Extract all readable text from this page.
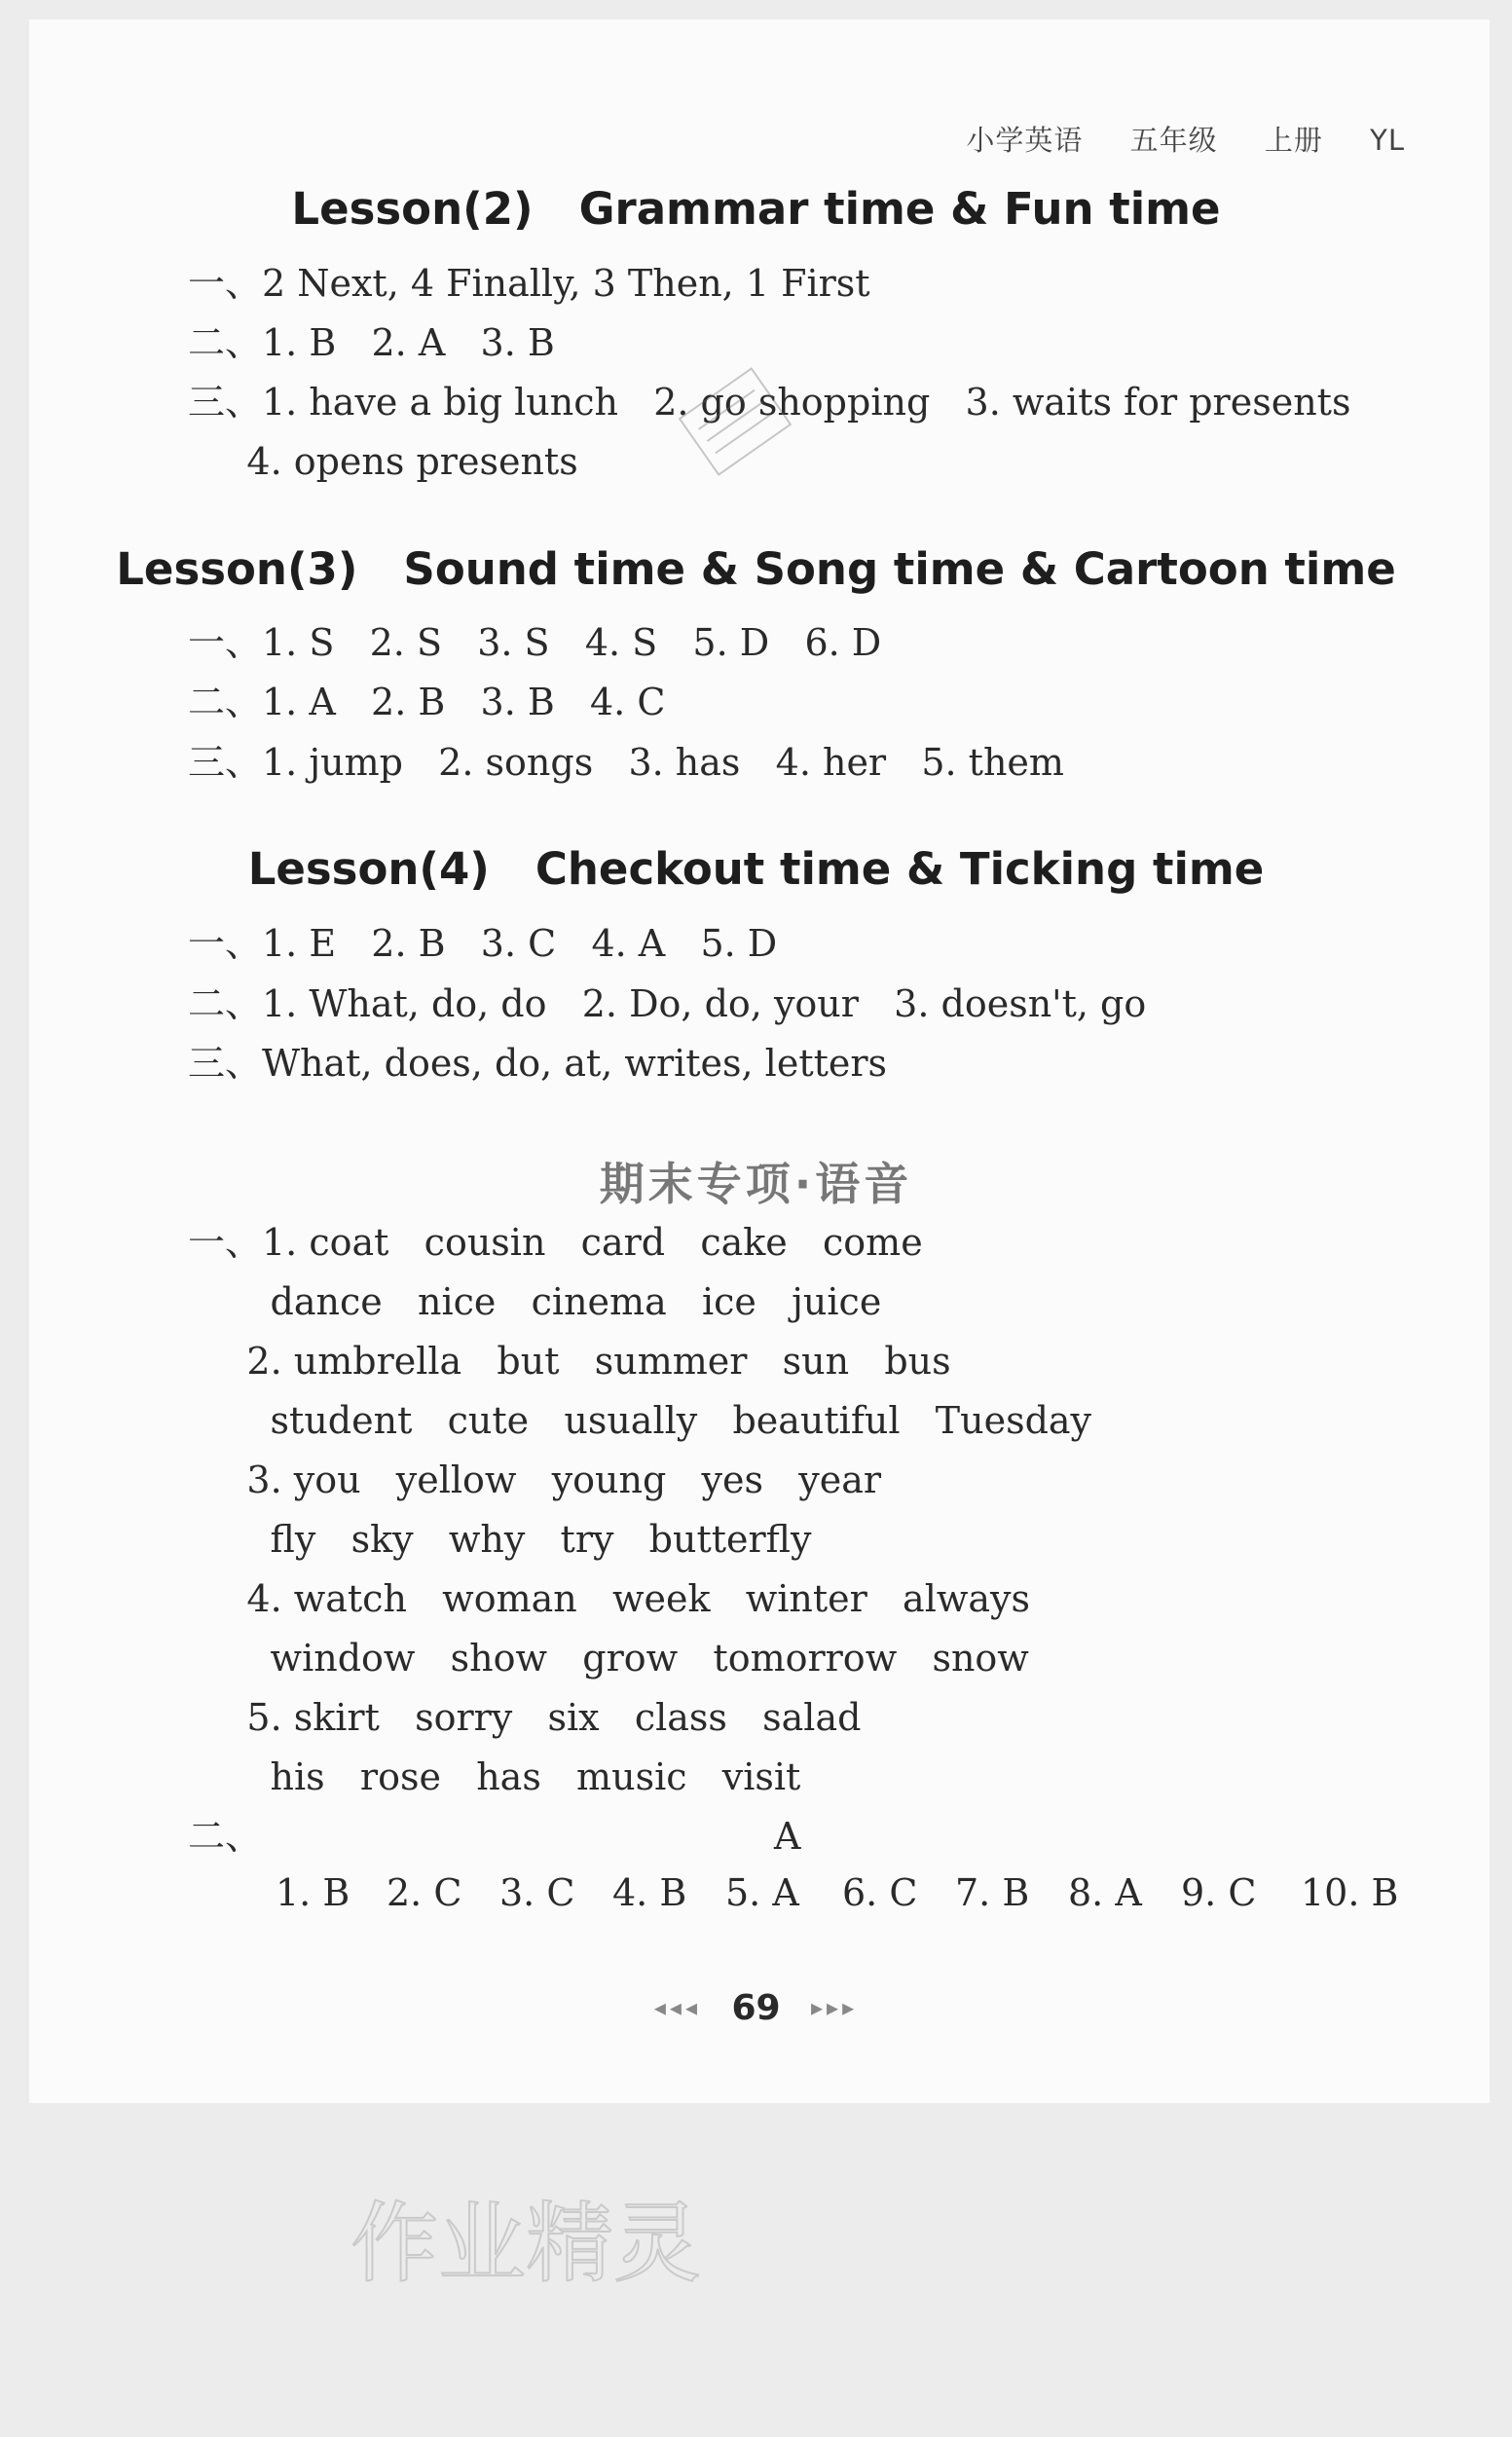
小学英语 五年级 上册 YL
Lesson(2)   Grammar time & Fun time
一、2 Next, 4 Finally, 3 Then, 1 First
二、1. B   2. A   3. B
三、1. have a big lunch   2. go shopping   3. waits for presents
4. opens presents
Lesson(3)   Sound time & Song time & Cartoon time
一、1. S   2. S   3. S   4. S   5. D   6. D
二、1. A   2. B   3. B   4. C
三、1. jump   2. songs   3. has   4. her   5. them
Lesson(4)   Checkout time & Ticking time
一、1. E   2. B   3. C   4. A   5. D
二、1. What, do, do   2. Do, do, your   3. doesn't, go
三、What, does, do, at, writes, letters
期末专项·语音
一、1. coat   cousin   card   cake   come
dance   nice   cinema   ice   juice
2. umbrella   but   summer   sun   bus
student   cute   usually   beautiful   Tuesday
3. you   yellow   young   yes   year
fly   sky   why   try   butterfly
4. watch   woman   week   winter   always
window   show   grow   tomorrow   snow
5. skirt   sorry   six   class   salad
his   rose   has   music   visit
二、	A
1. B 2. C 3. C 4. B 5. A 6. C 7. B 8. A 9. C 10. B
◂◂◂ 69 ▸▸▸
作业精灵
